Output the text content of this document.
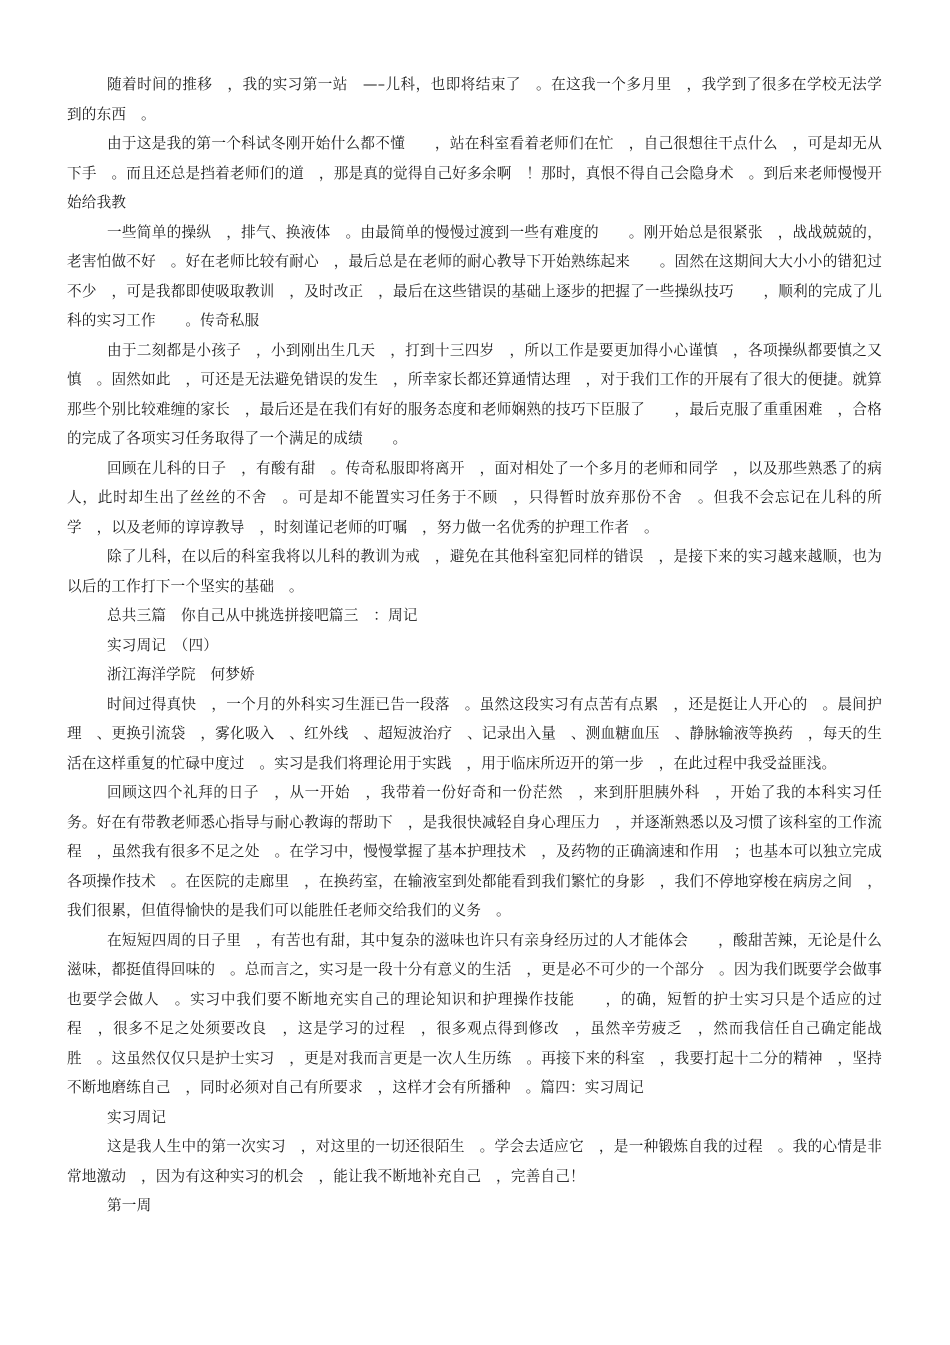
随着时间的推移　，我的实习第一站　—–儿科，也即将结束了　。在这我一个多月里　，我学到了很多在学校无法学到的东西　。

由于这是我的第一个科试冬刚开始什么都不懂　　，站在科室看着老师们在忙　，自己很想往干点什么　，可是却无从下手　。而且还总是挡着老师们的道　，那是真的觉得自己好多余啊　！那时，真恨不得自己会隐身术　。到后来老师慢慢开始给我教

一些简单的操纵　，排气、换液体　。由最简单的慢慢过渡到一些有难度的　　。刚开始总是很紧张　，战战兢兢的，老害怕做不好　。好在老师比较有耐心　，最后总是在老师的耐心教导下开始熟练起来　　。固然在这期间大大小小的错犯过不少　，可是我都即使吸取教训　，及时改正　，最后在这些错误的基础上逐步的把握了一些操纵技巧　　，顺利的完成了儿科的实习工作　　。传奇私服

由于二刻都是小孩子　，小到刚出生几天　，打到十三四岁　，所以工作是要更加得小心谨慎　，各项操纵都要慎之又慎　。固然如此　，可还是无法避免错误的发生　，所幸家长都还算通情达理　，对于我们工作的开展有了很大的便捷。就算那些个别比较难缠的家长　，最后还是在我们有好的服务态度和老师娴熟的技巧下臣服了　　，最后克服了重重困难　，合格的完成了各项实习任务取得了一个满足的成绩　　。

回顾在儿科的日子　，有酸有甜　。传奇私服即将离开　，面对相处了一个多月的老师和同学　，以及那些熟悉了的病人，此时却生出了丝丝的不舍　。可是却不能置实习任务于不顾　，只得暂时放弃那份不舍　。但我不会忘记在儿科的所学　，以及老师的谆谆教导　，时刻谨记老师的叮嘱　，努力做一名优秀的护理工作者　。

除了儿科，在以后的科室我将以儿科的教训为戒　，避免在其他科室犯同样的错误　，是接下来的实习越来越顺，也为以后的工作打下一个坚实的基础　。

总共三篇　你自己从中挑选拼接吧篇三　：周记

实习周记　（四）

浙江海洋学院　何梦娇

时间过得真快　，一个月的外科实习生涯已告一段落　。虽然这段实习有点苦有点累　，还是挺让人开心的　。晨间护理　、更换引流袋　，雾化吸入　、红外线　、超短波治疗　、记录出入量　、测血糖血压　、静脉输液等换药　，每天的生活在这样重复的忙碌中度过　。实习是我们将理论用于实践　，用于临床所迈开的第一步　，在此过程中我受益匪浅。

回顾这四个礼拜的日子　，从一开始　，我带着一份好奇和一份茫然　，来到肝胆胰外科　，开始了我的本科实习任务。好在有带教老师悉心指导与耐心教诲的帮助下　，是我很快减轻自身心理压力　，并逐渐熟悉以及习惯了该科室的工作流程　，虽然我有很多不足之处　。在学习中，慢慢掌握了基本护理技术　，及药物的正确滴速和作用　；也基本可以独立完成各项操作技术　。在医院的走廊里　，在换药室，在输液室到处都能看到我们繁忙的身影　，我们不停地穿梭在病房之间　，我们很累，但值得愉快的是我们可以能胜任老师交给我们的义务　。

在短短四周的日子里　，有苦也有甜，其中复杂的滋味也许只有亲身经历过的人才能体会　　，酸甜苦辣，无论是什么滋味，都挺值得回味的　。总而言之，实习是一段十分有意义的生活　，更是必不可少的一个部分　。因为我们既要学会做事也要学会做人　。实习中我们要不断地充实自己的理论知识和护理操作技能　　，的确，短暂的护士实习只是个适应的过程　，很多不足之处须要改良　，这是学习的过程　，很多观点得到修改　，虽然辛劳疲乏　，然而我信任自己确定能战胜　。这虽然仅仅只是护士实习　，更是对我而言更是一次人生历练　。再接下来的科室　，我要打起十二分的精神　，坚持不断地磨练自己　，同时必须对自己有所要求　，这样才会有所播种　。篇四：实习周记

实习周记

这是我人生中的第一次实习　，对这里的一切还很陌生　。学会去适应它　，是一种锻炼自我的过程　。我的心情是非常地激动　，因为有这种实习的机会　，能让我不断地补充自己　，完善自己！

第一周
